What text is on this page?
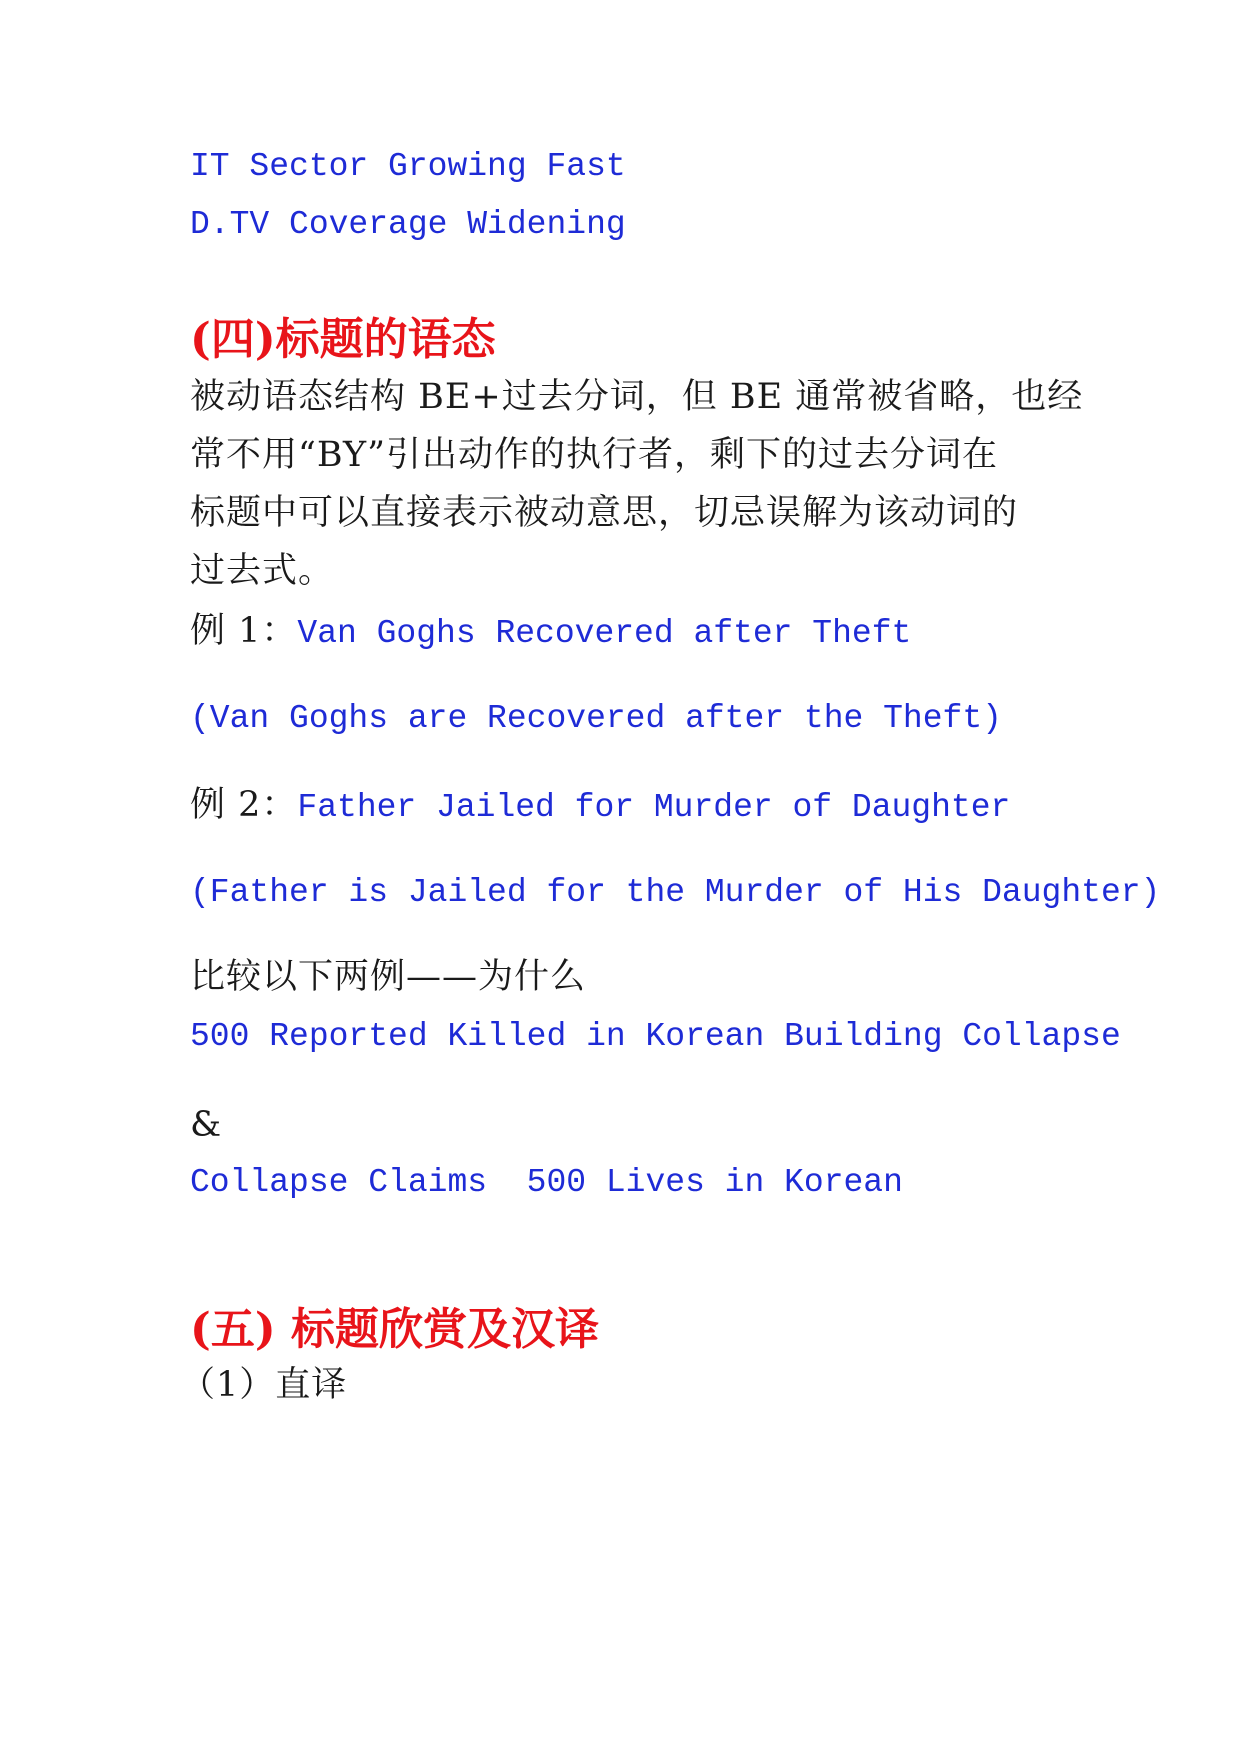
IT Sector Growing Fast
D.TV Coverage Widening
(四)标题的语态
被动语态结构 BE+过去分词，但 BE 通常被省略，也经
常不用“BY”引出动作的执行者，剩下的过去分词在
标题中可以直接表示被动意思，切忌误解为该动词的
过去式。
例 1：Van Goghs Recovered after Theft
(Van Goghs are Recovered after the Theft)
例 2：Father Jailed for Murder of Daughter
(Father is Jailed for the Murder of His Daughter)
比较以下两例——为什么
500 Reported Killed in Korean Building Collapse
&
Collapse Claims  500 Lives in Korean
(五) 标题欣赏及汉译
（1）直译
